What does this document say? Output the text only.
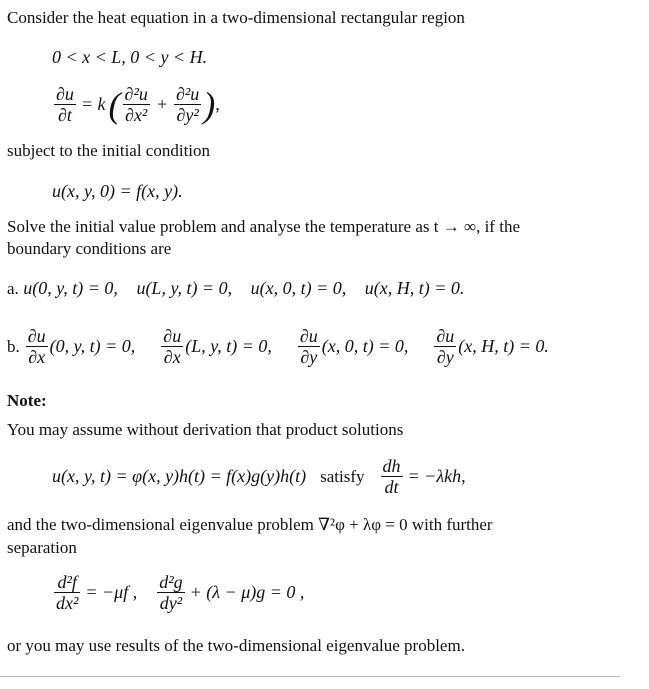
Consider the heat equation in a two-dimensional rectangular region
0 < x < L, 0 < y < H.
$\frac{\partial u}{\partial t} = k$ ( $\frac{\text{∂²u}}{\text{∂x²}} + \frac{\text{∂²u}}{\text{∂y²}}$ ) ,
subject to the initial condition
u(x, y, 0) = f(x, y).
Solve the initial value problem and analyse the temperature as t → ∞, if the
boundary conditions are
a. u(0, y, t) = 0, u(L, y, t) = 0, u(x, 0, t) = 0, u(x, H, t) = 0.
b. $\frac{\partial u}{\partial x} (0$, y, t) = 0, $\frac{\partial u}{\partial x} (L$, y, t) = 0, $\frac{\partial u}{\partial y} (x$, 0, t) = 0, $\frac{\partial u}{\partial y} (x$, H, t) = 0.
Note:
You may assume without derivation that product solutions
u(x, y, t) = φ(x, y)h(t) = f(x)g(y)h(t) satisfy $\frac{dh}{dt} = -\lambda kh$,
and the two-dimensional eigenvalue problem ∇²φ + λφ = 0 with further
separation
$\frac{\text{d²f}}{\text{dx²}} = -\mu f$ , $\frac{\text{d²g}}{\text{dy²}} + (\lambda - \mu)g = 0$ ,
or you may use results of the two-dimensional eigenvalue problem.
